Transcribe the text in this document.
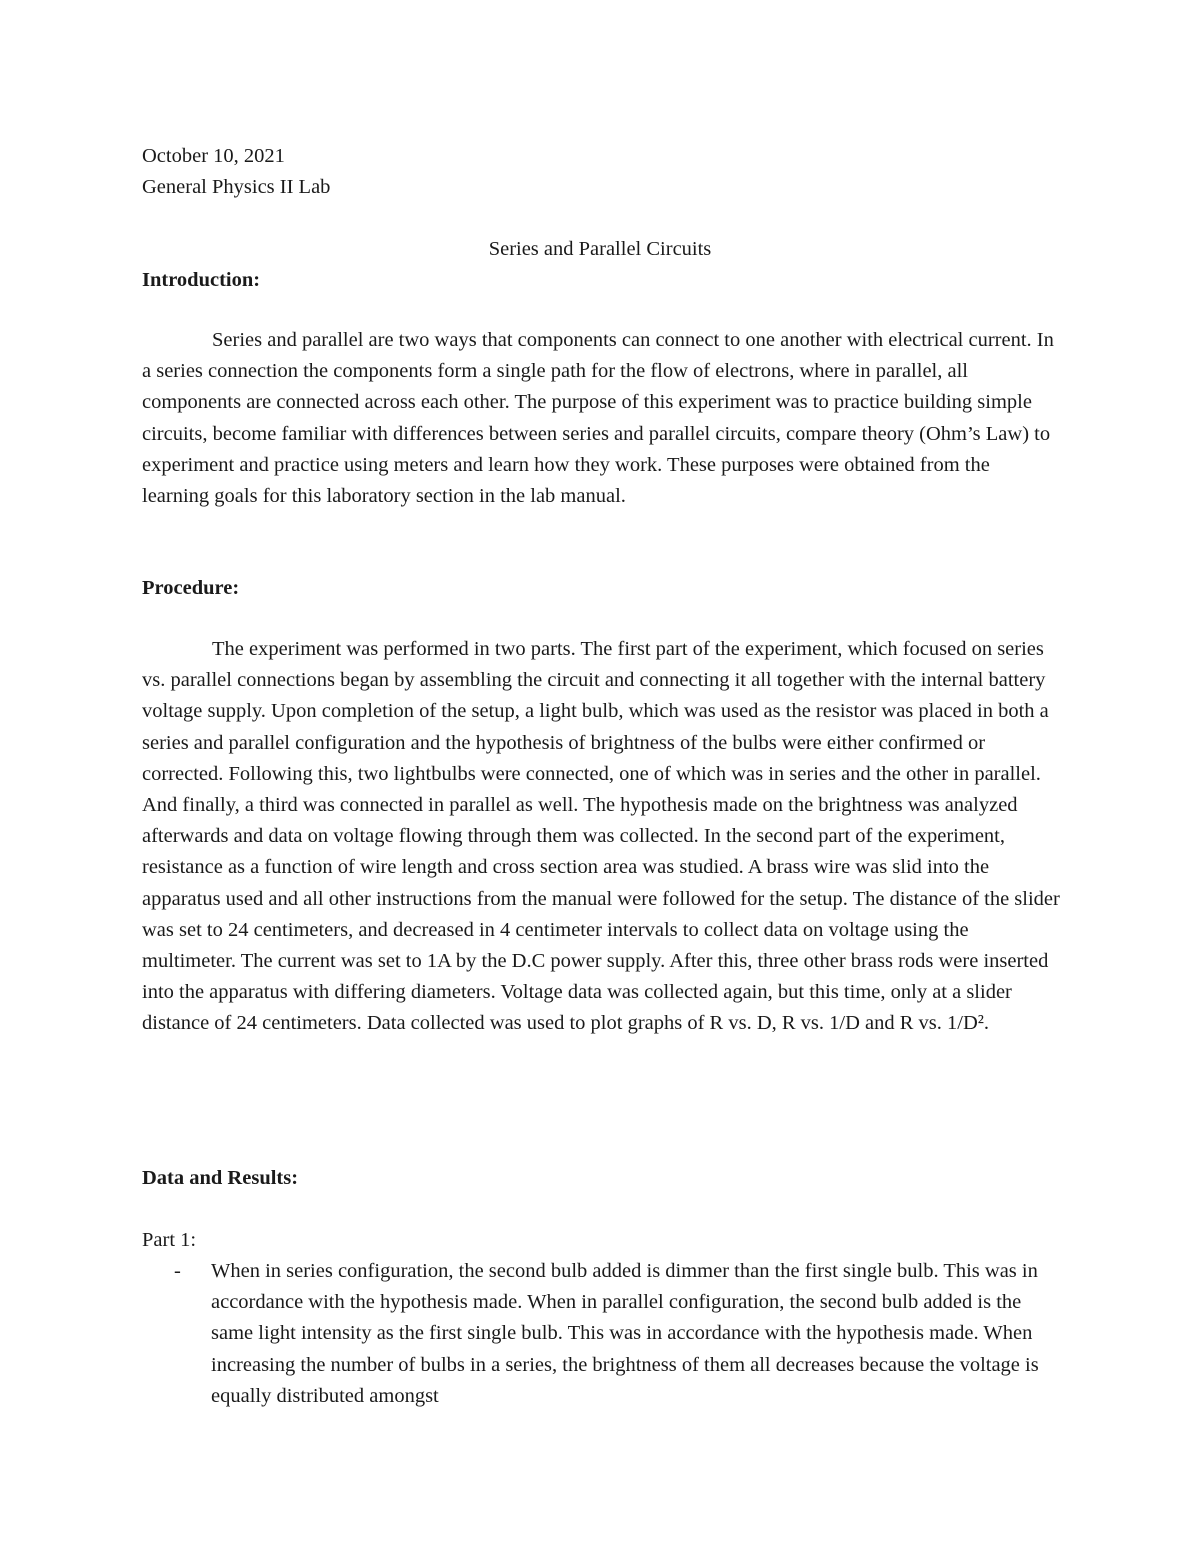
October 10, 2021
General Physics II Lab
Series and Parallel Circuits
Introduction:
Series and parallel are two ways that components can connect to one another with electrical current. In a series connection the components form a single path for the flow of electrons, where in parallel, all components are connected across each other. The purpose of this experiment was to practice building simple circuits, become familiar with differences between series and parallel circuits, compare theory (Ohm’s Law) to experiment and practice using meters and learn how they work. These purposes were obtained from the learning goals for this laboratory section in the lab manual.
Procedure:
The experiment was performed in two parts. The first part of the experiment, which focused on series vs. parallel connections began by assembling the circuit and connecting it all together with the internal battery voltage supply. Upon completion of the setup, a light bulb, which was used as the resistor was placed in both a series and parallel configuration and the hypothesis of brightness of the bulbs were either confirmed or corrected. Following this, two lightbulbs were connected, one of which was in series and the other in parallel. And finally, a third was connected in parallel as well. The hypothesis made on the brightness was analyzed afterwards and data on voltage flowing through them was collected. In the second part of the experiment, resistance as a function of wire length and cross section area was studied. A brass wire was slid into the apparatus used and all other instructions from the manual were followed for the setup. The distance of the slider was set to 24 centimeters, and decreased in 4 centimeter intervals to collect data on voltage using the multimeter. The current was set to 1A by the D.C power supply. After this, three other brass rods were inserted into the apparatus with differing diameters. Voltage data was collected again, but this time, only at a slider distance of 24 centimeters. Data collected was used to plot graphs of R vs. D, R vs. 1/D and R vs. 1/D².
Data and Results:
Part 1:
- When in series configuration, the second bulb added is dimmer than the first single bulb. This was in accordance with the hypothesis made. When in parallel configuration, the second bulb added is the same light intensity as the first single bulb. This was in accordance with the hypothesis made. When increasing the number of bulbs in a series, the brightness of them all decreases because the voltage is equally distributed amongst
